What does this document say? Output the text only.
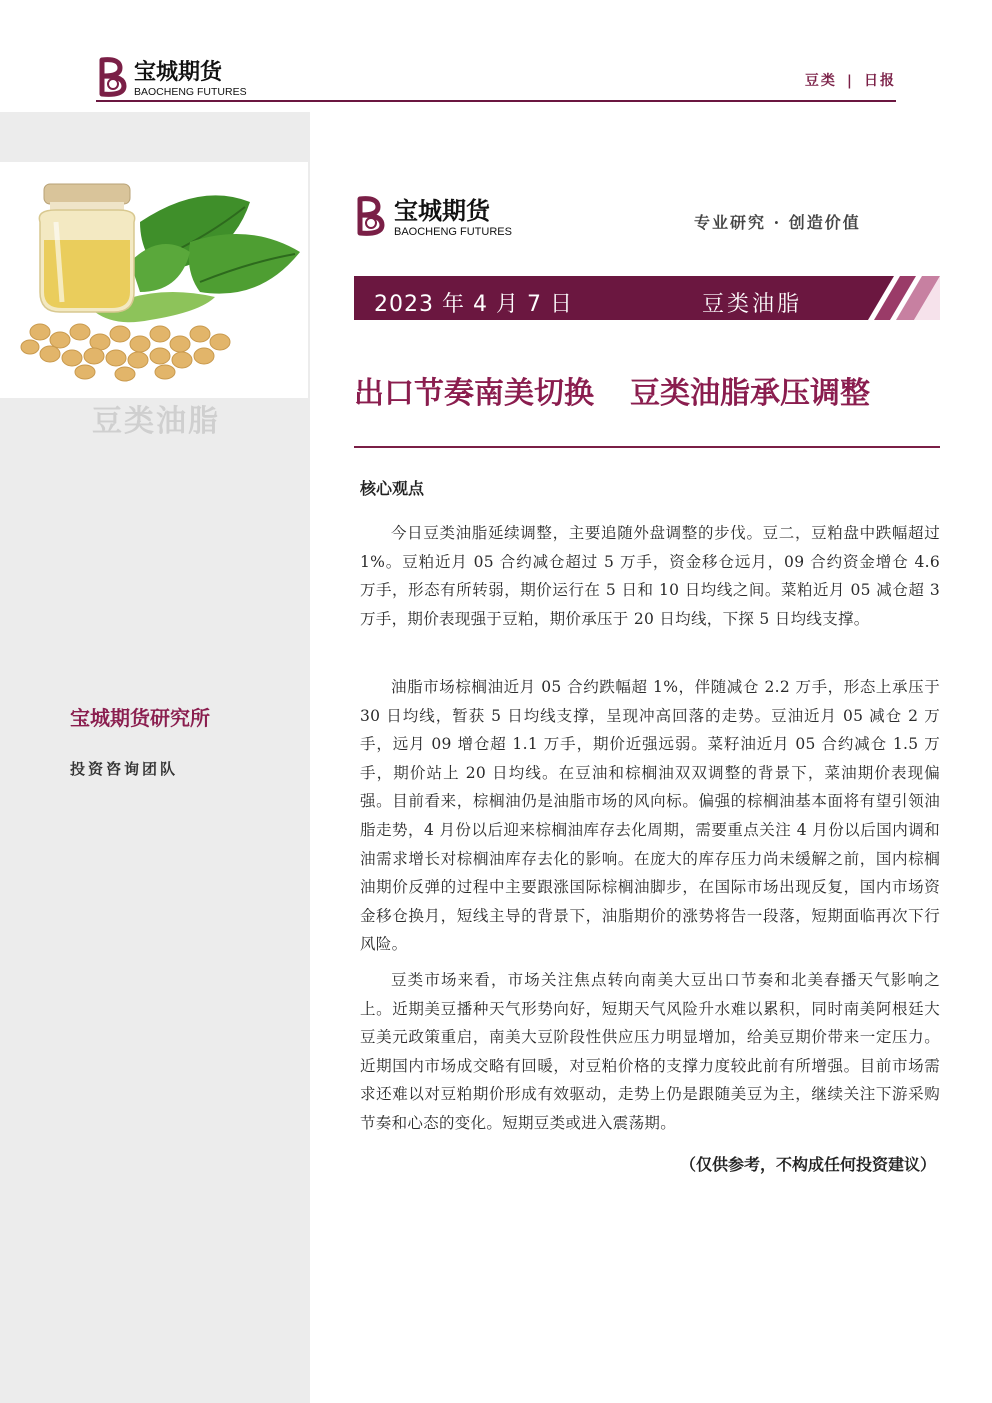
宝城期货
BAOCHENG FUTURES
豆类 | 日报
豆类油脂
宝城期货研究所
投资咨询团队
宝城期货
BAOCHENG FUTURES	专业研究 · 创造价值
2023 年 4 月 7 日	豆类油脂
出口节奏南美切换 豆类油脂承压调整
核心观点

今日豆类油脂延续调整，主要追随外盘调整的步伐。豆二，豆粕盘中跌幅超过 1%。豆粕近月 05 合约减仓超过 5 万手，资金移仓远月，09 合约资金增仓 4.6 万手，形态有所转弱，期价运行在 5 日和 10 日均线之间。菜粕近月 05 减仓超 3 万手，期价表现强于豆粕，期价承压于 20 日均线，下探 5 日均线支撑。

油脂市场棕榈油近月 05 合约跌幅超 1%，伴随减仓 2.2 万手，形态上承压于 30 日均线，暂获 5 日均线支撑，呈现冲高回落的走势。豆油近月 05 减仓 2 万手，远月 09 增仓超 1.1 万手，期价近强远弱。菜籽油近月 05 合约减仓 1.5 万手，期价站上 20 日均线。在豆油和棕榈油双双调整的背景下，菜油期价表现偏强。目前看来，棕榈油仍是油脂市场的风向标。偏强的棕榈油基本面将有望引领油脂走势，4 月份以后迎来棕榈油库存去化周期，需要重点关注 4 月份以后国内调和油需求增长对棕榈油库存去化的影响。在庞大的库存压力尚未缓解之前，国内棕榈油期价反弹的过程中主要跟涨国际棕榈油脚步，在国际市场出现反复，国内市场资金移仓换月，短线主导的背景下，油脂期价的涨势将告一段落，短期面临再次下行风险。

豆类市场来看，市场关注焦点转向南美大豆出口节奏和北美春播天气影响之上。近期美豆播种天气形势向好，短期天气风险升水难以累积，同时南美阿根廷大豆美元政策重启，南美大豆阶段性供应压力明显增加，给美豆期价带来一定压力。近期国内市场成交略有回暖，对豆粕价格的支撑力度较此前有所增强。目前市场需求还难以对豆粕期价形成有效驱动，走势上仍是跟随美豆为主，继续关注下游采购节奏和心态的变化。短期豆类或进入震荡期。

（仅供参考，不构成任何投资建议）
